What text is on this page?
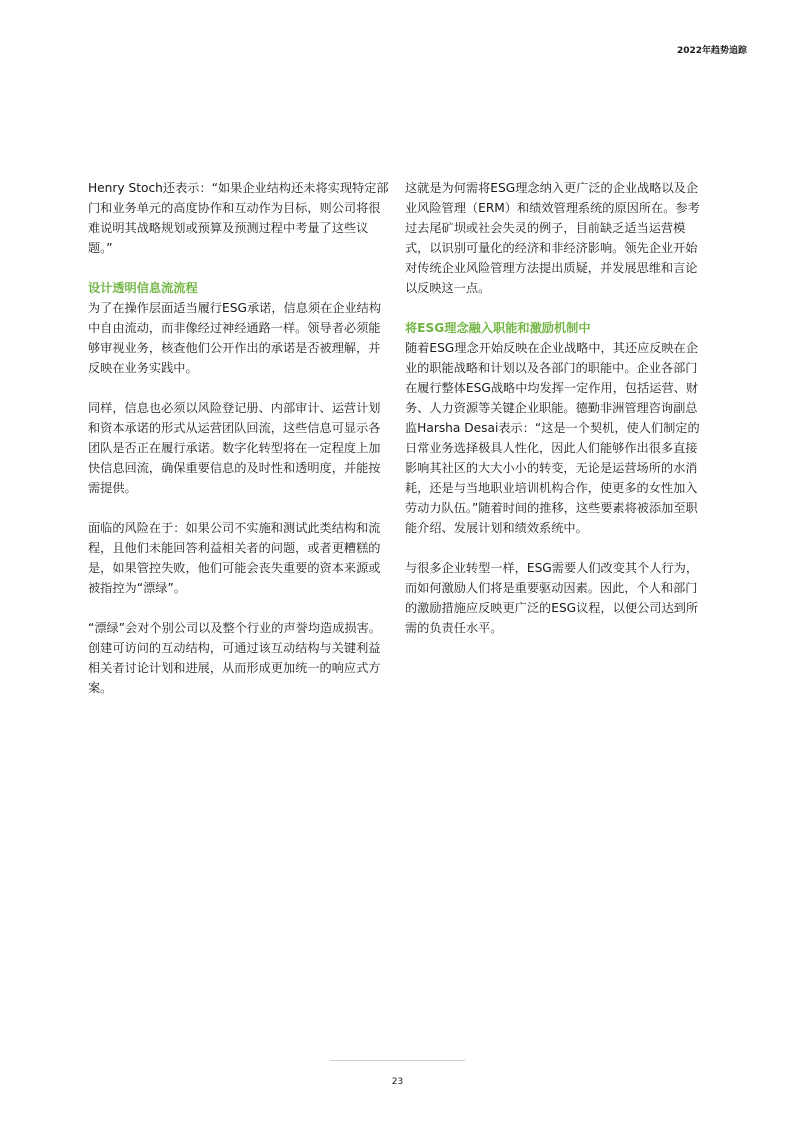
2022年趋势追踪

Henry Stoch还表示：“如果企业结构还未将实现特定部门和业务单元的高度协作和互动作为目标，则公司将很难说明其战略规划或预算及预测过程中考量了这些议题。”

设计透明信息流流程

为了在操作层面适当履行ESG承诺，信息须在企业结构中自由流动，而非像经过神经通路一样。领导者必须能够审视业务，核查他们公开作出的承诺是否被理解，并反映在业务实践中。

同样，信息也必须以风险登记册、内部审计、运营计划和资本承诺的形式从运营团队回流，这些信息可显示各团队是否正在履行承诺。数字化转型将在一定程度上加快信息回流，确保重要信息的及时性和透明度，并能按需提供。

面临的风险在于：如果公司不实施和测试此类结构和流程，且他们未能回答利益相关者的问题，或者更糟糕的是，如果管控失败，他们可能会丧失重要的资本来源或被指控为“漂绿”。

“漂绿”会对个别公司以及整个行业的声誉均造成损害。创建可访问的互动结构，可通过该互动结构与关键利益相关者讨论计划和进展，从而形成更加统一的响应式方案。

这就是为何需将ESG理念纳入更广泛的企业战略以及企业风险管理（ERM）和绩效管理系统的原因所在。参考过去尾矿坝或社会失灵的例子，目前缺乏适当运营模式，以识别可量化的经济和非经济影响。领先企业开始对传统企业风险管理方法提出质疑，并发展思维和言论以反映这一点。

将ESG理念融入职能和激励机制中

随着ESG理念开始反映在企业战略中，其还应反映在企业的职能战略和计划以及各部门的职能中。企业各部门在履行整体ESG战略中均发挥一定作用，包括运营、财务、人力资源等关键企业职能。德勤非洲管理咨询副总监Harsha Desai表示：“这是一个契机，使人们制定的日常业务选择极具人性化，因此人们能够作出很多直接影响其社区的大大小小的转变，无论是运营场所的水消耗，还是与当地职业培训机构合作，使更多的女性加入劳动力队伍。”随着时间的推移，这些要素将被添加至职能介绍、发展计划和绩效系统中。

与很多企业转型一样，ESG需要人们改变其个人行为，而如何激励人们将是重要驱动因素。因此，个人和部门的激励措施应反映更广泛的ESG议程，以便公司达到所需的负责任水平。

23
